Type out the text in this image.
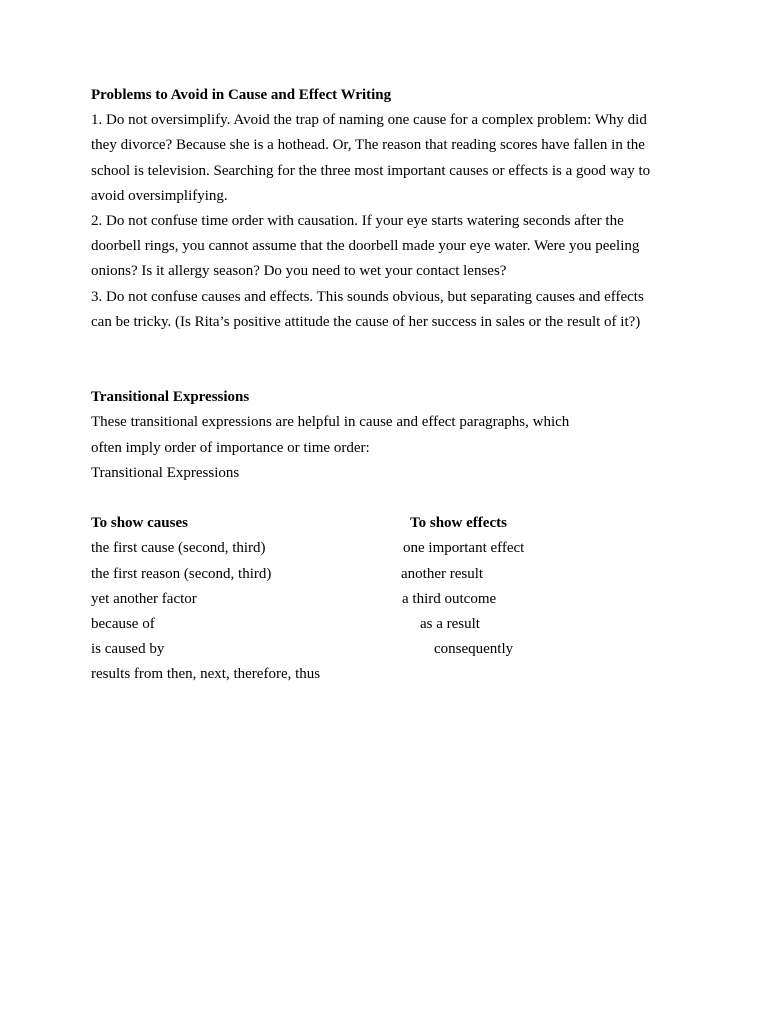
Problems to Avoid in Cause and Effect Writing
1. Do not oversimplify. Avoid the trap of naming one cause for a complex problem: Why did
they divorce? Because she is a hothead. Or, The reason that reading scores have fallen in the
school is television. Searching for the three most important causes or effects is a good way to
avoid oversimplifying.
2. Do not confuse time order with causation. If your eye starts watering seconds after the
doorbell rings, you cannot assume that the doorbell made your eye water. Were you peeling
onions? Is it allergy season? Do you need to wet your contact lenses?
3. Do not confuse causes and effects. This sounds obvious, but separating causes and effects
can be tricky. (Is Rita’s positive attitude the cause of her success in sales or the result of it?)
Transitional Expressions
These transitional expressions are helpful in cause and effect paragraphs, which
often imply order of importance or time order:
Transitional Expressions
To show causes	To show effects
the first cause (second, third)	one important effect
the first reason (second, third)	another result
yet another factor	a third outcome
because of	as a result
is caused by	consequently
results from then, next, therefore, thus
